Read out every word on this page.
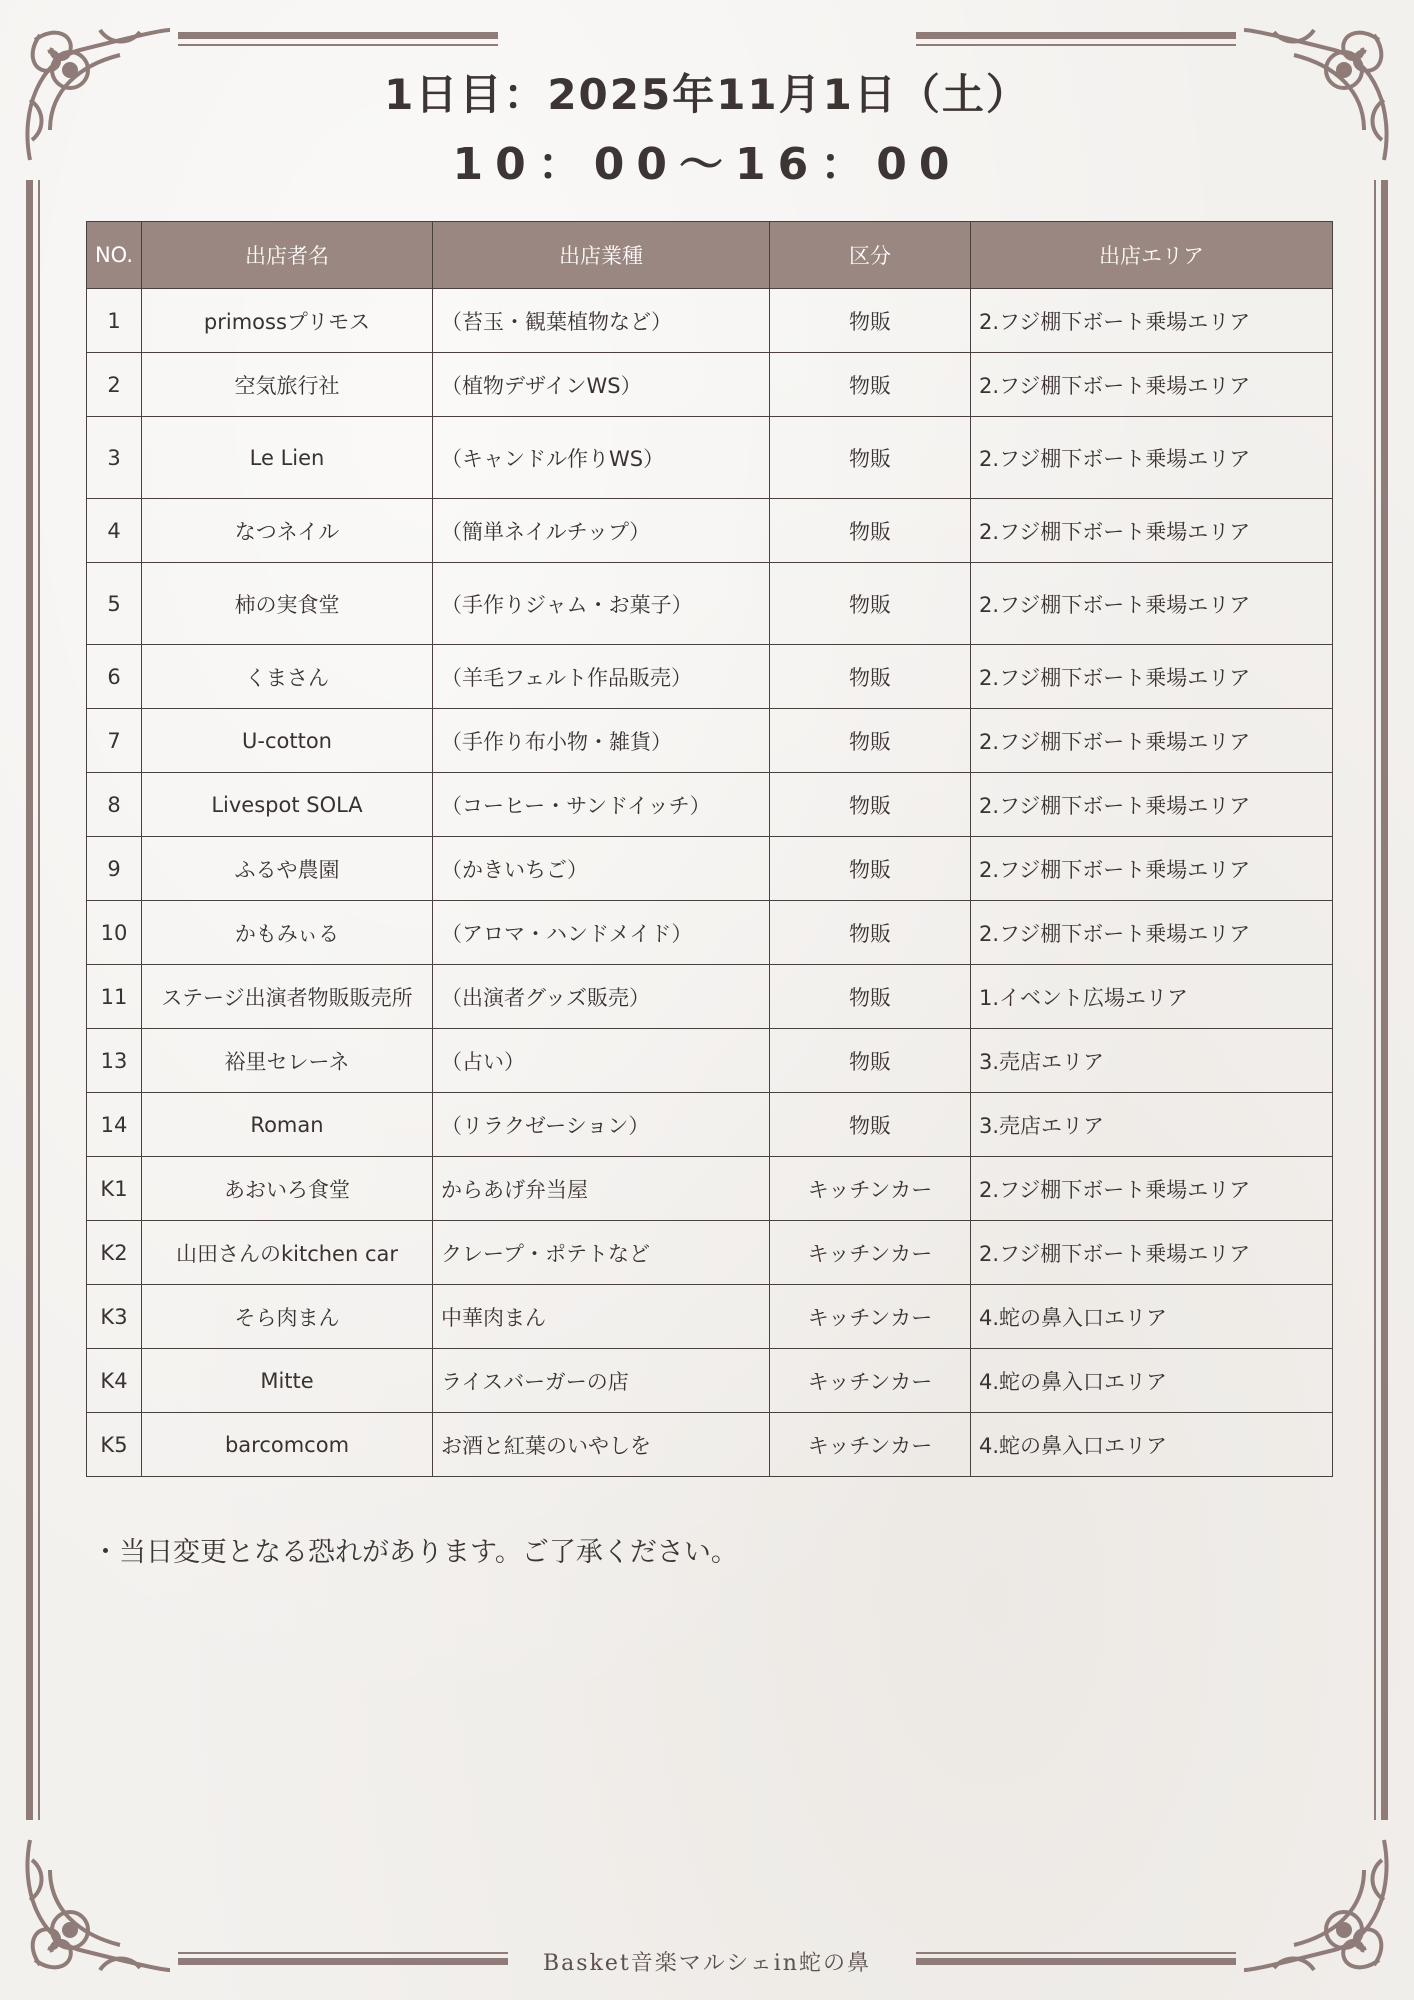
1日目：2025年11月1日（土）
10：00～16：00
NO.	出店者名	出店業種	区分	出店エリア
1	primossプリモス	（苔玉・観葉植物など）	物販	2.フジ棚下ボート乗場エリア
2	空気旅行社	（植物デザインWS）	物販	2.フジ棚下ボート乗場エリア
3	Le Lien	（キャンドル作りWS）	物販	2.フジ棚下ボート乗場エリア
4	なつネイル	（簡単ネイルチップ）	物販	2.フジ棚下ボート乗場エリア
5	柿の実食堂	（手作りジャム・お菓子）	物販	2.フジ棚下ボート乗場エリア
6	くまさん	（羊毛フェルト作品販売）	物販	2.フジ棚下ボート乗場エリア
7	U-cotton	（手作り布小物・雑貨）	物販	2.フジ棚下ボート乗場エリア
8	Livespot SOLA	（コーヒー・サンドイッチ）	物販	2.フジ棚下ボート乗場エリア
9	ふるや農園	（かきいちご）	物販	2.フジ棚下ボート乗場エリア
10	かもみぃる	（アロマ・ハンドメイド）	物販	2.フジ棚下ボート乗場エリア
11	ステージ出演者物販販売所	（出演者グッズ販売）	物販	1.イベント広場エリア
13	裕里セレーネ	（占い）	物販	3.売店エリア
14	Roman	（リラクゼーション）	物販	3.売店エリア
K1	あおいろ食堂	からあげ弁当屋	キッチンカー	2.フジ棚下ボート乗場エリア
K2	山田さんのkitchen car	クレープ・ポテトなど	キッチンカー	2.フジ棚下ボート乗場エリア
K3	そら肉まん	中華肉まん	キッチンカー	4.蛇の鼻入口エリア
K4	Mitte	ライスバーガーの店	キッチンカー	4.蛇の鼻入口エリア
K5	barcomcom	お酒と紅葉のいやしを	キッチンカー	4.蛇の鼻入口エリア
・当日変更となる恐れがあります。ご了承ください。
Basket音楽マルシェin蛇の鼻
